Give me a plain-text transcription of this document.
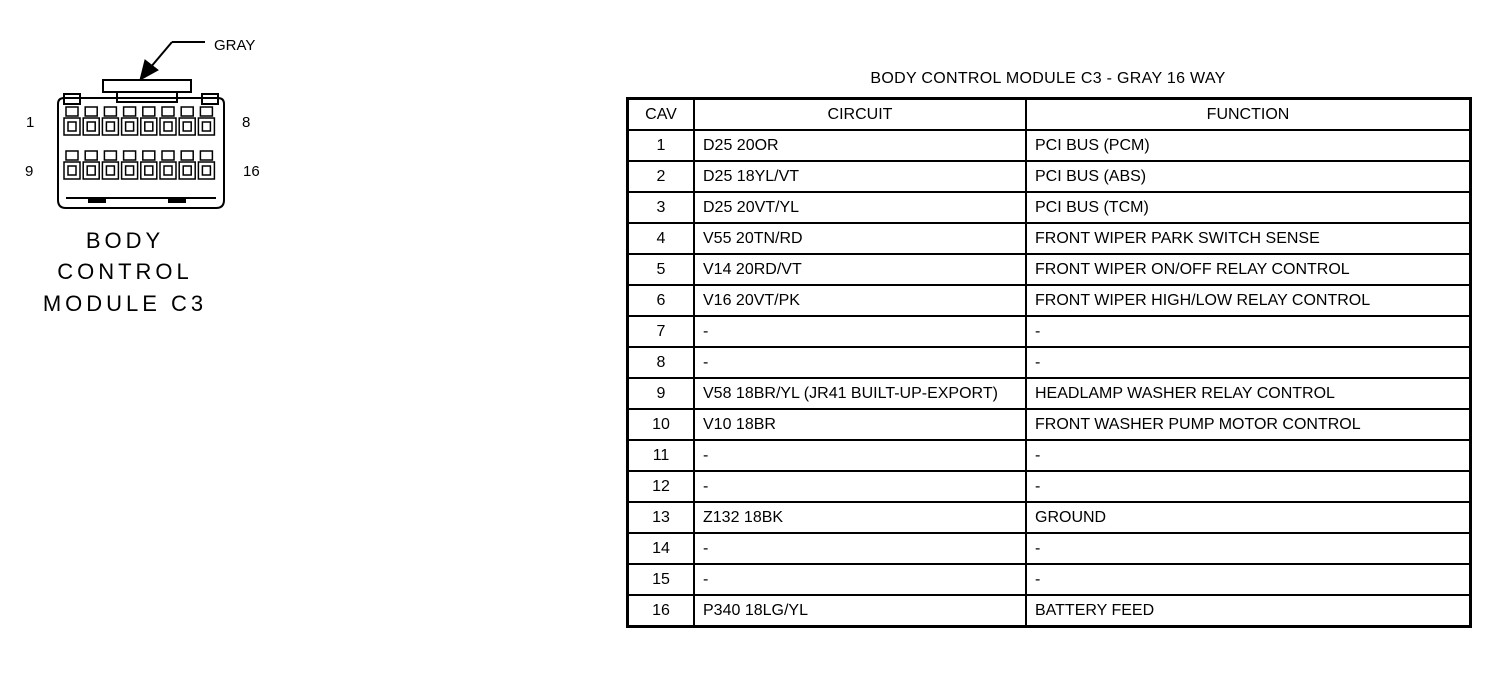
GRAY
1	8
9	16
BODY
CONTROL
MODULE C3
BODY CONTROL MODULE C3 - GRAY 16 WAY
CAV	CIRCUIT	FUNCTION
1	D25 20OR	PCI BUS (PCM)
2	D25 18YL/VT	PCI BUS (ABS)
3	D25 20VT/YL	PCI BUS (TCM)
4	V55 20TN/RD	FRONT WIPER PARK SWITCH SENSE
5	V14 20RD/VT	FRONT WIPER ON/OFF RELAY CONTROL
6	V16 20VT/PK	FRONT WIPER HIGH/LOW RELAY CONTROL
7	-	-
8	-	-
9	V58 18BR/YL (JR41 BUILT-UP-EXPORT)	HEADLAMP WASHER RELAY CONTROL
10	V10 18BR	FRONT WASHER PUMP MOTOR CONTROL
11	-	-
12	-	-
13	Z132 18BK	GROUND
14	-	-
15	-	-
16	P340 18LG/YL	BATTERY FEED
